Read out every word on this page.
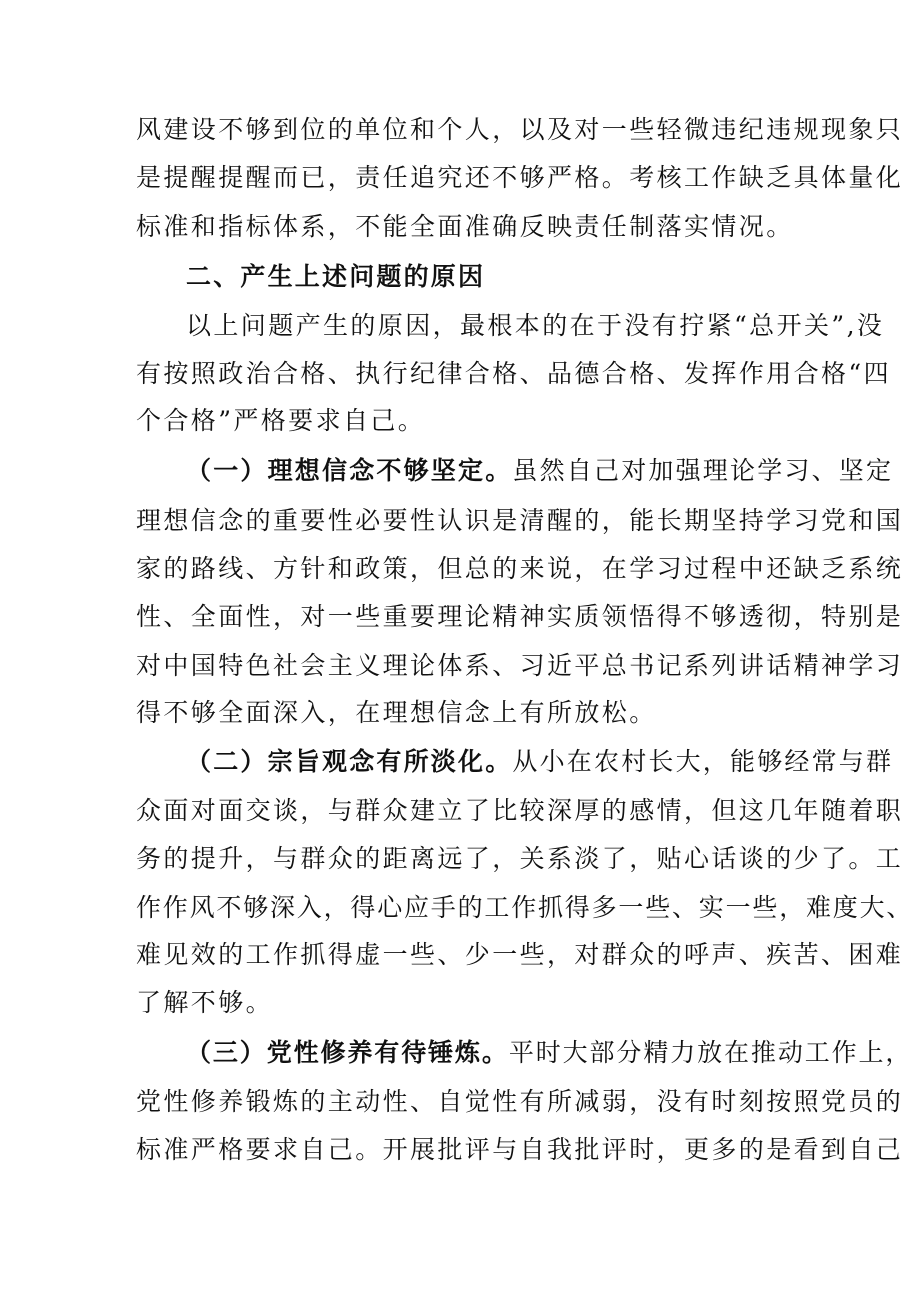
风建设不够到位的单位和个人，以及对一些轻微违纪违规现象只
是提醒提醒而已，责任追究还不够严格。考核工作缺乏具体量化
标准和指标体系，不能全面准确反映责任制落实情况。
二、产生上述问题的原因
以上问题产生的原因，最根本的在于没有拧紧“总开关”,没
有按照政治合格、执行纪律合格、品德合格、发挥作用合格“四
个合格”严格要求自己。
（一）理想信念不够坚定。虽然自己对加强理论学习、坚定
理想信念的重要性必要性认识是清醒的，能长期坚持学习党和国
家的路线、方针和政策，但总的来说，在学习过程中还缺乏系统
性、全面性，对一些重要理论精神实质领悟得不够透彻，特别是
对中国特色社会主义理论体系、习近平总书记系列讲话精神学习
得不够全面深入，在理想信念上有所放松。
（二）宗旨观念有所淡化。从小在农村长大，能够经常与群
众面对面交谈，与群众建立了比较深厚的感情，但这几年随着职
务的提升，与群众的距离远了，关系淡了，贴心话谈的少了。工
作作风不够深入，得心应手的工作抓得多一些、实一些，难度大、
难见效的工作抓得虚一些、少一些，对群众的呼声、疾苦、困难
了解不够。
（三）党性修养有待锤炼。平时大部分精力放在推动工作上，
党性修养锻炼的主动性、自觉性有所减弱，没有时刻按照党员的
标准严格要求自己。开展批评与自我批评时，更多的是看到自己
